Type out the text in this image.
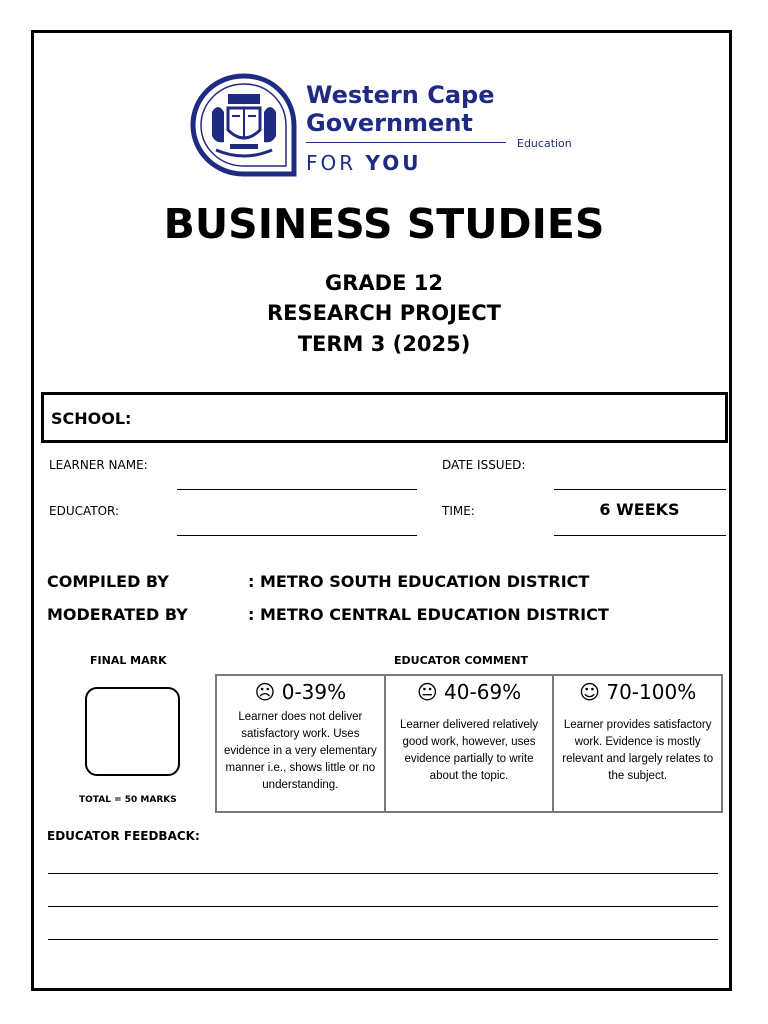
Western Cape
Government
Education
FOR YOU
BUSINESS STUDIES
GRADE 12
RESEARCH PROJECT
TERM 3 (2025)
SCHOOL:
LEARNER NAME:	DATE ISSUED:
EDUCATOR:	TIME:	6 WEEKS
COMPILED BY	: METRO SOUTH EDUCATION DISTRICT
MODERATED BY	: METRO CENTRAL EDUCATION DISTRICT
FINAL MARK	EDUCATOR COMMENT
TOTAL = 50 MARKS
☹ 0-39%
Learner does not deliver satisfactory work. Uses evidence in a very elementary manner i.e., shows little or no understanding.
😐 40-69%
Learner delivered relatively good work, however, uses evidence partially to write about the topic.
☺ 70-100%
Learner provides satisfactory work. Evidence is mostly relevant and largely relates to the subject.
EDUCATOR FEEDBACK:
